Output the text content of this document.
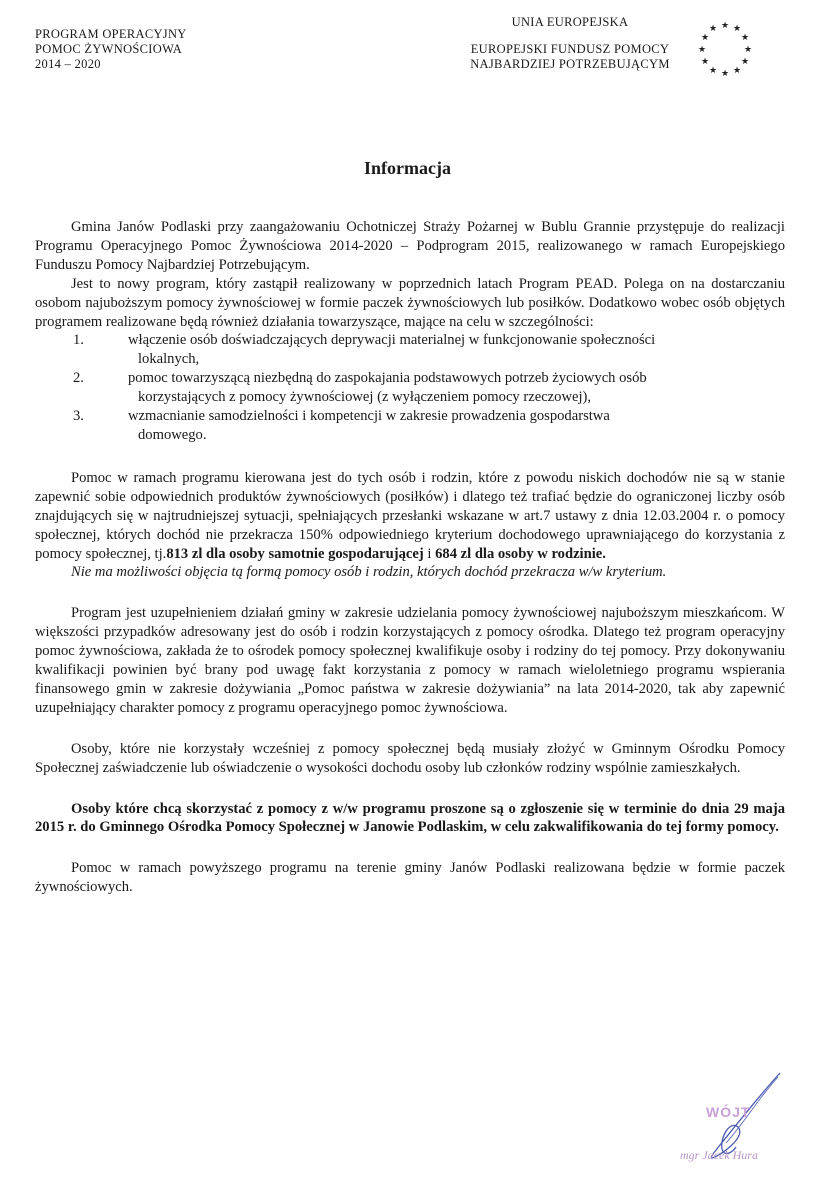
PROGRAM OPERACYJNY
POMOC ŻYWNOŚCIOWA
2014 – 2020
UNIA EUROPEJSKA
EUROPEJSKI FUNDUSZ POMOCY
NAJBARDZIEJ POTRZEBUJĄCYM
★ ★
★
★
★
★
★
★
★
★
★
★
Informacja

Gmina Janów Podlaski przy zaangażowaniu Ochotniczej Straży Pożarnej w Bublu Grannie przystępuje do realizacji Programu Operacyjnego Pomoc Żywnościowa 2014-2020 – Podprogram 2015, realizowanego w ramach Europejskiego Funduszu Pomocy Najbardziej Potrzebującym.

Jest to nowy program, który zastąpił realizowany w poprzednich latach Program PEAD. Polega on na dostarczaniu osobom najuboższym pomocy żywnościowej w formie paczek żywnościowych lub posiłków. Dodatkowo wobec osób objętych programem realizowane będą również działania towarzyszące, mające na celu w szczególności:

1.	włączenie osób doświadczających deprywacji materialnej w funkcjonowanie społeczności
lokalnych,
2.	pomoc towarzyszącą niezbędną do zaspokajania podstawowych potrzeb życiowych osób
korzystających z pomocy żywnościowej (z wyłączeniem pomocy rzeczowej),
3.	wzmacnianie samodzielności i kompetencji w zakresie prowadzenia gospodarstwa
domowego.

Pomoc w ramach programu kierowana jest do tych osób i rodzin, które z powodu niskich dochodów nie są w stanie zapewnić sobie odpowiednich produktów żywnościowych (posiłków) i dlatego też trafiać będzie do ograniczonej liczby osób znajdujących się w najtrudniejszej sytuacji, spełniających przesłanki wskazane w art.7 ustawy z dnia 12.03.2004 r. o pomocy społecznej, których dochód nie przekracza 150% odpowiedniego kryterium dochodowego uprawniającego do korzystania z pomocy społecznej, tj.813 zl dla osoby samotnie gospodarującej i 684 zl dla osoby w rodzinie.

Nie ma możliwości objęcia tą formą pomocy osób i rodzin, których dochód przekracza w/w kryterium.

Program jest uzupełnieniem działań gminy w zakresie udzielania pomocy żywnościowej najuboższym mieszkańcom. W większości przypadków adresowany jest do osób i rodzin korzystających z pomocy ośrodka. Dlatego też program operacyjny pomoc żywnościowa, zakłada że to ośrodek pomocy społecznej kwalifikuje osoby i rodziny do tej pomocy. Przy dokonywaniu kwalifikacji powinien być brany pod uwagę fakt korzystania z pomocy w ramach wieloletniego programu wspierania finansowego gmin w zakresie dożywiania „Pomoc państwa w zakresie dożywiania” na lata 2014-2020, tak aby zapewnić uzupełniający charakter pomocy z programu operacyjnego pomoc żywnościowa.

Osoby, które nie korzystały wcześniej z pomocy społecznej będą musiały złożyć w Gminnym Ośrodku Pomocy Społecznej zaświadczenie lub oświadczenie o wysokości dochodu osoby lub członków rodziny wspólnie zamieszkałych.

Osoby które chcą skorzystać z pomocy z w/w programu proszone są o zgłoszenie się w terminie do dnia 29 maja 2015 r. do Gminnego Ośrodka Pomocy Społecznej w Janowie Podlaskim, w celu zakwalifikowania do tej formy pomocy.

Pomoc w ramach powyższego programu na terenie gminy Janów Podlaski realizowana będzie w formie paczek żywnościowych.

WÓJT
mgr Jacek Hura
